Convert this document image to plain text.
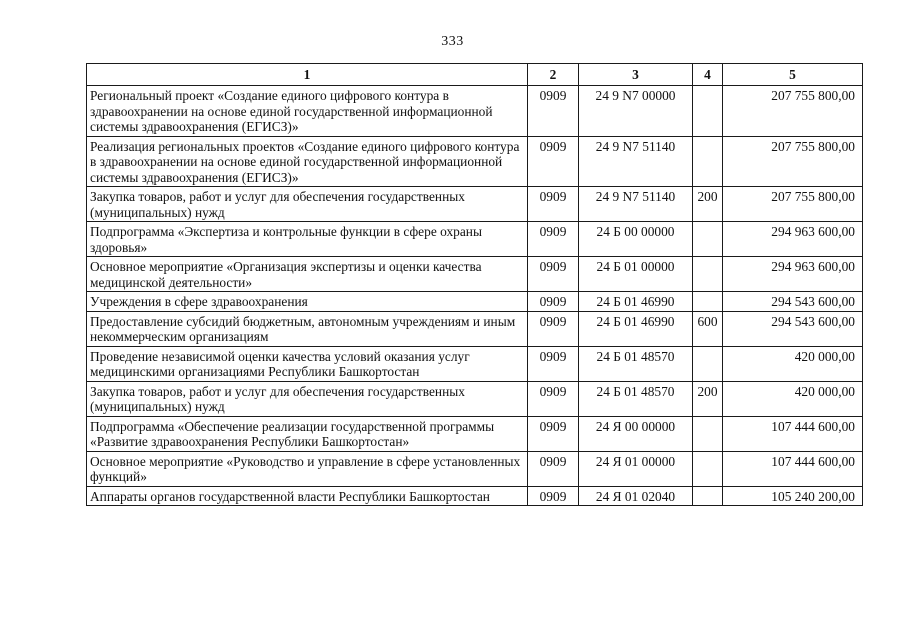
333
1	2	3	4	5
Региональный проект «Создание единого цифрового контура в здравоохранении на основе единой государственной информационной системы здравоохранения (ЕГИСЗ)»	0909	24 9 N7 00000		207 755 800,00
Реализация региональных проектов «Создание единого цифрового контура в здравоохранении на основе единой государственной информационной системы здравоохранения (ЕГИСЗ)»	0909	24 9 N7 51140		207 755 800,00
Закупка товаров, работ и услуг для обеспечения государственных (муниципальных) нужд	0909	24 9 N7 51140	200	207 755 800,00
Подпрограмма «Экспертиза и контрольные функции в сфере охраны здоровья»	0909	24 Б 00 00000		294 963 600,00
Основное мероприятие «Организация экспертизы и оценки качества медицинской деятельности»	0909	24 Б 01 00000		294 963 600,00
Учреждения в сфере здравоохранения	0909	24 Б 01 46990		294 543 600,00
Предоставление субсидий бюджетным, автономным учреждениям и иным некоммерческим организациям	0909	24 Б 01 46990	600	294 543 600,00
Проведение независимой оценки качества условий оказания услуг медицинскими организациями Республики Башкортостан	0909	24 Б 01 48570		420 000,00
Закупка товаров, работ и услуг для обеспечения государственных (муниципальных) нужд	0909	24 Б 01 48570	200	420 000,00
Подпрограмма «Обеспечение реализации государственной программы «Развитие здравоохранения Республики Башкортостан»	0909	24 Я 00 00000		107 444 600,00
Основное мероприятие «Руководство и управление в сфере установленных функций»	0909	24 Я 01 00000		107 444 600,00
Аппараты органов государственной власти Республики Башкортостан	0909	24 Я 01 02040		105 240 200,00
